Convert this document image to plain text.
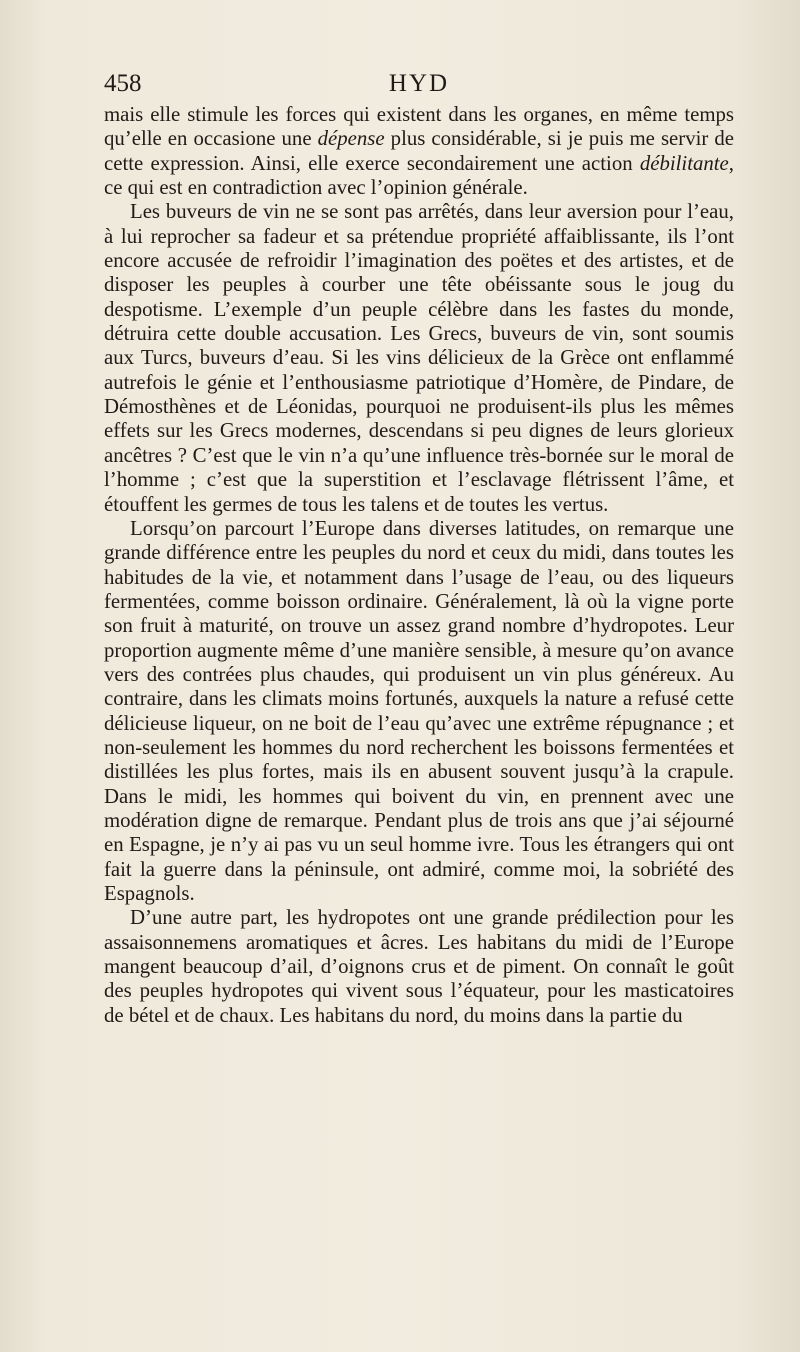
458	HYD

mais elle stimule les forces qui existent dans les organes, en même temps qu’elle en occasione une dépense plus considérable, si je puis me servir de cette expression. Ainsi, elle exerce secondairement une action débilitante, ce qui est en contradiction avec l’opinion générale.

Les buveurs de vin ne se sont pas arrêtés, dans leur aversion pour l’eau, à lui reprocher sa fadeur et sa prétendue propriété affaiblissante, ils l’ont encore accusée de refroidir l’imagination des poëtes et des artistes, et de disposer les peuples à courber une tête obéissante sous le joug du despotisme. L’exemple d’un peuple célèbre dans les fastes du monde, détruira cette double accusation. Les Grecs, buveurs de vin, sont soumis aux Turcs, buveurs d’eau. Si les vins délicieux de la Grèce ont enflammé autrefois le génie et l’enthousiasme patriotique d’Homère, de Pindare, de Démosthènes et de Léonidas, pourquoi ne produisent-ils plus les mêmes effets sur les Grecs modernes, descendans si peu dignes de leurs glorieux ancêtres ? C’est que le vin n’a qu’une influence très-bornée sur le moral de l’homme ; c’est que la superstition et l’esclavage flétrissent l’âme, et étouffent les germes de tous les talens et de toutes les vertus.

Lorsqu’on parcourt l’Europe dans diverses latitudes, on remarque une grande différence entre les peuples du nord et ceux du midi, dans toutes les habitudes de la vie, et notamment dans l’usage de l’eau, ou des liqueurs fermentées, comme boisson ordinaire. Généralement, là où la vigne porte son fruit à maturité, on trouve un assez grand nombre d’hydropotes. Leur proportion augmente même d’une manière sensible, à mesure qu’on avance vers des contrées plus chaudes, qui produisent un vin plus généreux. Au contraire, dans les climats moins fortunés, auxquels la nature a refusé cette délicieuse liqueur, on ne boit de l’eau qu’avec une extrême répugnance ; et non-seulement les hommes du nord recherchent les boissons fermentées et distillées les plus fortes, mais ils en abusent souvent jusqu’à la crapule. Dans le midi, les hommes qui boivent du vin, en prennent avec une modération digne de remarque. Pendant plus de trois ans que j’ai séjourné en Espagne, je n’y ai pas vu un seul homme ivre. Tous les étrangers qui ont fait la guerre dans la péninsule, ont admiré, comme moi, la sobriété des Espagnols.

D’une autre part, les hydropotes ont une grande prédilection pour les assaisonnemens aromatiques et âcres. Les habitans du midi de l’Europe mangent beaucoup d’ail, d’oignons crus et de piment. On connaît le goût des peuples hydropotes qui vivent sous l’équateur, pour les masticatoires de bétel et de chaux. Les habitans du nord, du moins dans la partie du
